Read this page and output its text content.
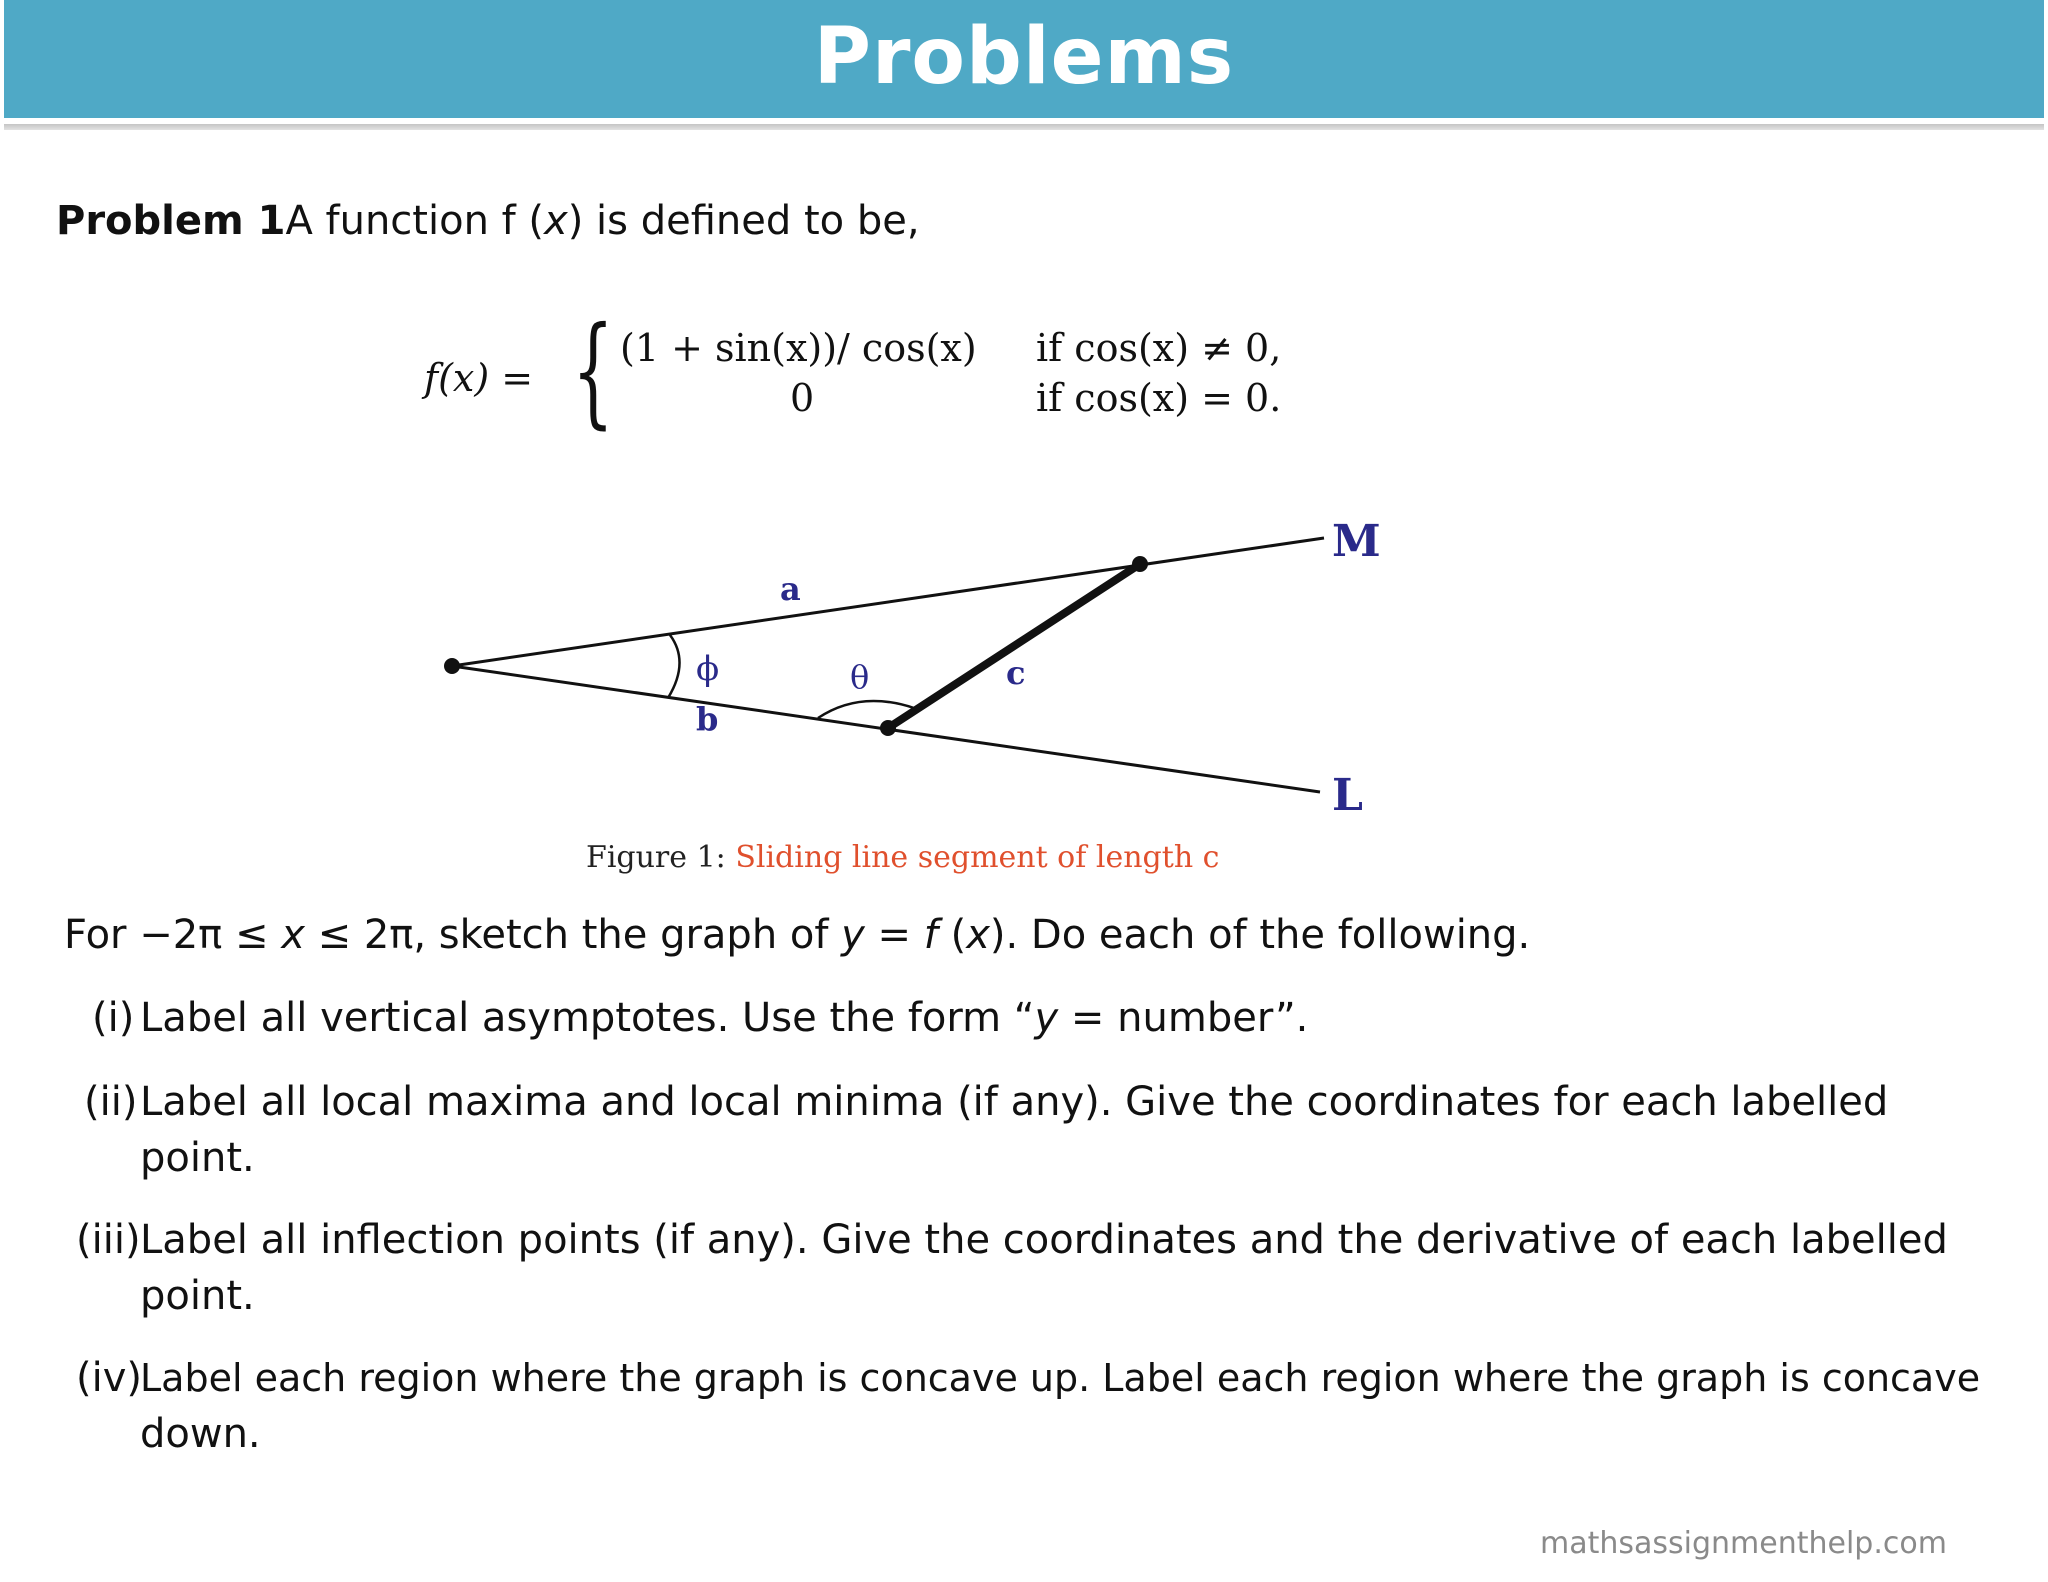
Problems
Problem 1A function f (x) is defined to be,
f(x) = { (1 + sin(x))/ cos(x) if cos(x) ≠ 0,
0	if cos(x) = 0.
a
b
c
M
L
ϕ	θ
Figure 1: Sliding line segment of length c
For −2π ≤ x ≤ 2π, sketch the graph of y = f (x). Do each of the following.
(i) Label all vertical asymptotes. Use the form “y = number”.
(ii) Label all local maxima and local minima (if any). Give the coordinates for each labelled
point.
(iii) Label all inflection points (if any). Give the coordinates and the derivative of each labelled
point.
(iv)
Label each region where the graph is concave up. Label each region where the graph is concave
down.
mathsassignmenthelp.com
